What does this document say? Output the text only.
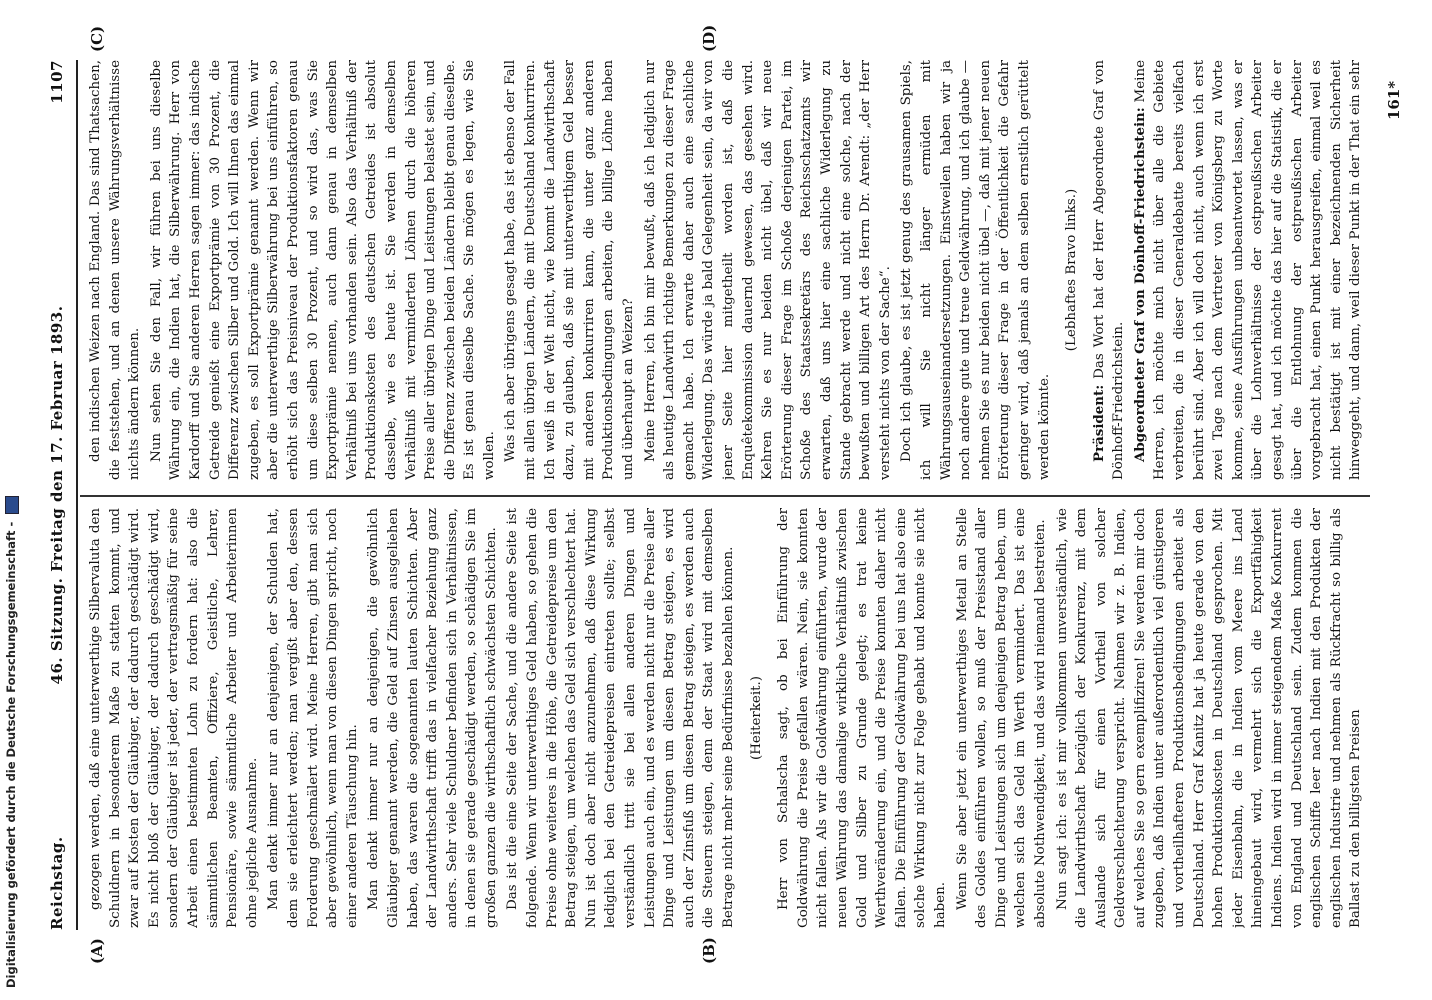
Digitalisierung gefördert durch die Deutsche Forschungsgemeinschaft - Reichstag.
46. Sitzung. Freitag den 17. Februar 1893.
1107
(A)	(B)
(C)	(D)

gezogen werden, daß eine unterwerthige Silbervaluta den Schuldnern in besonderem Maße zu statten kommt, und zwar auf Kosten der Gläubiger, der dadurch geschädigt wird. Es nicht bloß der Gläubiger, der dadurch geschädigt wird, sondern der Gläubiger ist jeder, der vertragsmäßig für seine Arbeit einen bestimmten Lohn zu fordern hat: also die sämmtlichen Beamten, Offiziere, Geistliche, Lehrer, Pensionäre, sowie sämmtliche Arbeiter und Arbeiterinnen ohne jegliche Ausnahme. Man denkt immer nur an denjenigen, der Schulden hat, dem sie erleichtert werden; man vergißt aber den, dessen Forderung geschmälert wird. Meine Herren, gibt man sich aber gewöhnlich, wenn man von diesen Dingen spricht, noch einer anderen Täuschung hin. Man denkt immer nur an denjenigen, die gewöhnlich Gläubiger genannt werden, die Geld auf Zinsen ausgeliehen haben, das waren die sogenannten lauten Schichten. Aber der Landwirthschaft trifft das in vielfacher Beziehung ganz anders. Sehr viele Schuldner befinden sich in Verhältnissen, in denen sie gerade geschädigt werden, so schädigen Sie im großen ganzen die wirthschaftlich schwächsten Schichten. Das ist die eine Seite der Sache, und die andere Seite ist folgende. Wenn wir unterwerthiges Geld haben, so gehen die Preise ohne weiteres in die Höhe, die Getreidepreise um den Betrag steigen, um welchen das Geld sich verschlechtert hat. Nun ist doch aber nicht anzunehmen, daß diese Wirkung lediglich bei den Getreidepreisen eintreten sollte; selbst verständlich tritt sie bei allen anderen Dingen und Leistungen auch ein, und es werden nicht nur die Preise aller Dinge und Leistungen um diesen Betrag steigen, es wird auch der Zinsfuß um diesen Betrag steigen, es werden auch die Steuern steigen, denn der Staat wird mit demselben Betrage nicht mehr seine Bedürfnisse bezahlen können. (Heiterkeit.) Herr von Schalscha sagt, ob bei Einführung der Goldwährung die Preise gefallen wären. Nein, sie konnten nicht fallen. Als wir die Goldwährung einführten, wurde der neuen Währung das damalige wirkliche Verhältniß zwischen Gold und Silber zu Grunde gelegt; es trat keine Werthveränderung ein, und die Preise konnten daher nicht fallen. Die Einführung der Goldwährung bei uns hat also eine solche Wirkung nicht zur Folge gehabt und konnte sie nicht haben. Wenn Sie aber jetzt ein unterwerthiges Metall an Stelle des Goldes einführen wollen, so muß der Preisstand aller Dinge und Leistungen sich um denjenigen Betrag heben, um welchen sich das Geld im Werth vermindert. Das ist eine absolute Nothwendigkeit, und das wird niemand bestreiten. Nun sagt ich: es ist mir vollkommen unverständlich, wie die Landwirthschaft bezüglich der Konkurrenz, mit dem Auslande sich für einen Vortheil von solcher Geldverschlechterung verspricht. Nehmen wir z. B. Indien, auf welches Sie so gern exemplifiziren! Sie werden mir doch zugeben, daß Indien unter außerordentlich viel günstigeren und vortheilhafteren Produktionsbedingungen arbeitet als Deutschland. Herr Graf Kanitz hat ja heute gerade von den hohen Produktionskosten in Deutschland gesprochen. Mit jeder Eisenbahn, die in Indien vom Meere ins Land hineingebaut wird, vermehrt sich die Exportfähigkeit Indiens. Indien wird in immer steigendem Maße Konkurrent von England und Deutschland sein. Zudem kommen die englischen Schiffe leer nach Indien mit den Produkten der englischen Industrie und nehmen als Rückfracht so billig als Ballast zu den billigsten Preisen

den indischen Weizen nach England. Das sind Thatsachen, die feststehen, und an denen unsere Währungsverhältnisse nichts ändern können. Nun sehen Sie den Fall, wir führen bei uns dieselbe Währung ein, die Indien hat, die Silberwährung. Herr von Kardorff und Sie anderen Herren sagen immer: das indische Getreide genießt eine Exportprämie von 30 Prozent, die Differenz zwischen Silber und Gold. Ich will Ihnen das einmal zugeben, es soll Exportprämie genannt werden. Wenn wir aber die unterwerthige Silberwährung bei uns einführen, so erhöht sich das Preisniveau der Produktionsfaktoren genau um diese selben 30 Prozent, und so wird das, was Sie Exportprämie nennen, auch dann genau in demselben Verhältniß bei uns vorhanden sein. Also das Verhältniß der Produktionskosten des deutschen Getreides ist absolut dasselbe, wie es heute ist. Sie werden in demselben Verhältniß mit verminderten Löhnen durch die höheren Preise aller übrigen Dinge und Leistungen belastet sein, und die Differenz zwischen beiden Ländern bleibt genau dieselbe. Es ist genau dieselbe Sache. Sie mögen es legen, wie Sie wollen. Was ich aber übrigens gesagt habe, das ist ebenso der Fall mit allen übrigen Ländern, die mit Deutschland konkurriren. Ich weiß in der Welt nicht, wie kommt die Landwirthschaft dazu, zu glauben, daß sie mit unterwerthigem Geld besser mit anderen konkurriren kann, die unter ganz anderen Produktionsbedingungen arbeiten, die billige Löhne haben und überhaupt an Weizen? Meine Herren, ich bin mir bewußt, daß ich lediglich nur als heutige Landwirth richtige Bemerkungen zu dieser Frage gemacht habe. Ich erwarte daher auch eine sachliche Widerlegung. Das würde ja bald Gelegenheit sein, da wir von jener Seite hier mitgetheilt worden ist, daß die Enquêtekommission dauernd gewesen, das gesehen wird. Kehren Sie es nur beiden nicht übel, daß wir neue Erörterung dieser Frage im Schoße derjenigen Partei, im Schoße des Staatssekretärs des Reichsschatzamts wir erwarten, daß uns hier eine sachliche Widerlegung zu Stande gebracht werde und nicht eine solche, nach der bewußten und billigen Art des Herrn Dr. Arendt: „der Herr versteht nichts von der Sache“. Doch ich glaube, es ist jetzt genug des grausamen Spiels, ich will Sie nicht länger ermüden mit Währungsauseinandersetzungen. Einstweilen haben wir ja noch andere gute und treue Geldwährung, und ich glaube — nehmen Sie es nur beiden nicht übel —, daß mit jener neuen Erörterung dieser Frage in der Öffentlichkeit die Gefahr geringer wird, daß jemals an dem selben ernstlich gerüttelt werden könnte.

(Lebhaftes Bravo links.)

Präsident: Das Wort hat der Herr Abgeordnete Graf von Dönhoff-Friedrichstein. Abgeordneter Graf von Dönhoff-Friedrichstein: Meine Herren, ich möchte mich nicht über alle die Gebiete verbreiten, die in dieser Generaldebatte bereits vielfach berührt sind. Aber ich will doch nicht, auch wenn ich erst zwei Tage nach dem Vertreter von Königsberg zu Worte komme, seine Ausführungen unbeantwortet lassen, was er über die Lohnverhältnisse der ostpreußischen Arbeiter gesagt hat, und ich möchte das hier auf die Statistik, die er über die Entlohnung der ostpreußischen Arbeiter vorgebracht hat, einen Punkt herausgreifen, einmal weil es nicht bestätigt ist mit einer bezeichnenden Sicherheit hinweggeht, und dann, weil dieser Punkt in der That ein sehr

161*
